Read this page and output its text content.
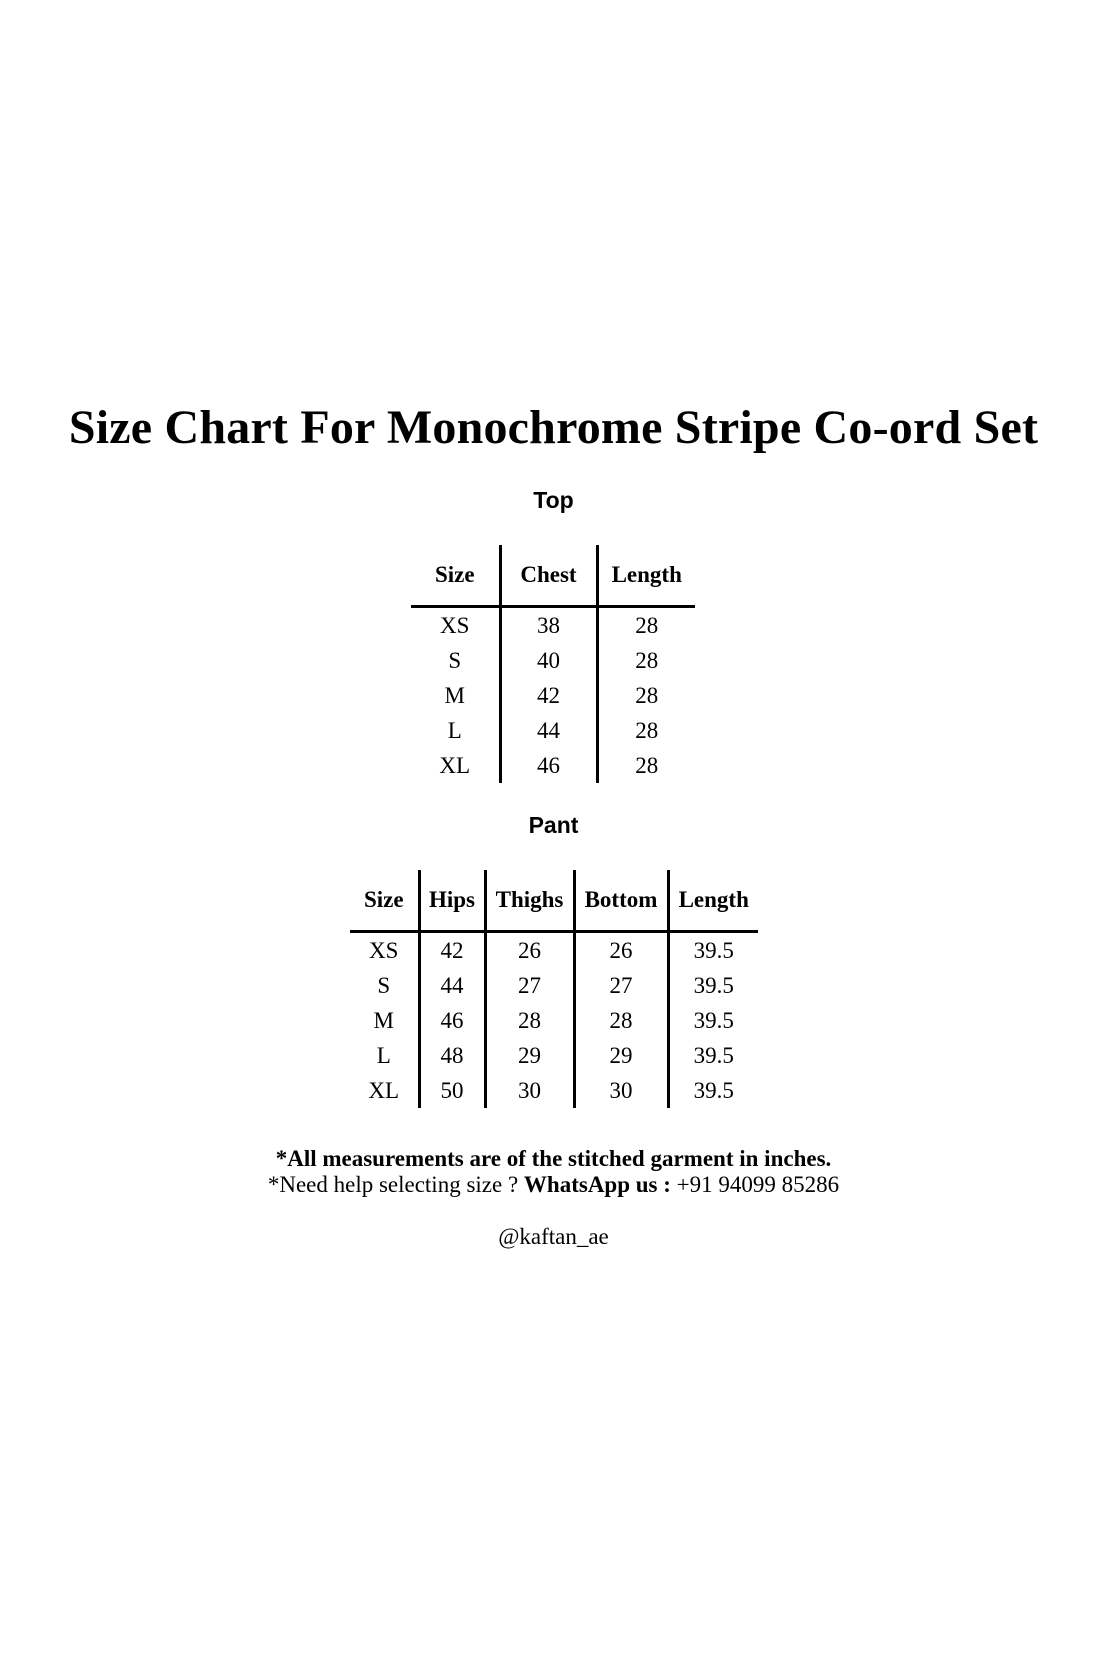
Size Chart For Monochrome Stripe Co-ord Set
Top
Size	Chest	Length
XS	38	28
S	40	28
M	42	28
L	44	28
XL	46	28
Pant
Size	Hips	Thighs	Bottom	Length
XS	42	26	26	39.5
S	44	27	27	39.5
M	46	28	28	39.5
L	48	29	29	39.5
XL	50	30	30	39.5
*All measurements are of the stitched garment in inches.
*Need help selecting size ? WhatsApp us : +91 94099 85286
@kaftan_ae
